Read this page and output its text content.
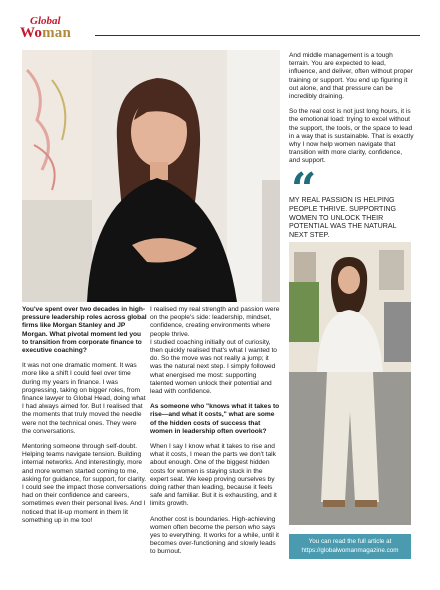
Global
Woman

And middle management is a tough terrain. You are expected to lead, influence, and deliver, often without proper training or support. You end up figuring it out alone, and that pressure can be incredibly draining.

So the real cost is not just long hours, it is the emotional load: trying to excel without the support, the tools, or the space to lead in a way that is sustainable. That is exactly why I now help women navigate that transition with more clarity, confidence, and support.

“
MY REAL PASSION IS HELPING PEOPLE THRIVE. SUPPORTING WOMEN TO UNLOCK THEIR POTENTIAL WAS THE NATURAL NEXT STEP.

You've spent over two decades in high-pressure leadership roles across global firms like Morgan Stanley and JP Morgan. What pivotal moment led you to transition from corporate finance to executive coaching?

It was not one dramatic moment. It was more like a shift I could feel over time during my years in finance. I was progressing, taking on bigger roles, from finance lawyer to Global Head, doing what I had always aimed for. But I realised that the moments that truly moved the needle were not the technical ones. They were the conversations.

Mentoring someone through self-doubt. Helping teams navigate tension. Building internal networks. And interestingly, more and more women started coming to me, asking for guidance, for support, for clarity. I could see the impact those conversations had on their confidence and careers, sometimes even their personal lives. And I noticed that lit-up moment in them lit something up in me too!

I realised my real strength and passion were on the people's side: leadership, mindset, confidence, creating environments where people thrive.

I studied coaching initially out of curiosity, then quickly realised that's what I wanted to do. So the move was not really a jump; it was the natural next step. I simply followed what energised me most: supporting talented women unlock their potential and lead with confidence.

As someone who "knows what it takes to rise—and what it costs," what are some of the hidden costs of success that women in leadership often overlook?

When I say I know what it takes to rise and what it costs, I mean the parts we don't talk about enough. One of the biggest hidden costs for women is staying stuck in the expert seat. We keep proving ourselves by doing rather than leading, because it feels safe and familiar. But it is exhausting, and it limits growth.

Another cost is boundaries. High-achieving women often become the person who says yes to everything. It works for a while, until it becomes over-functioning and slowly leads to burnout.

You can read the full article at
https://globalwomanmagazine.com
